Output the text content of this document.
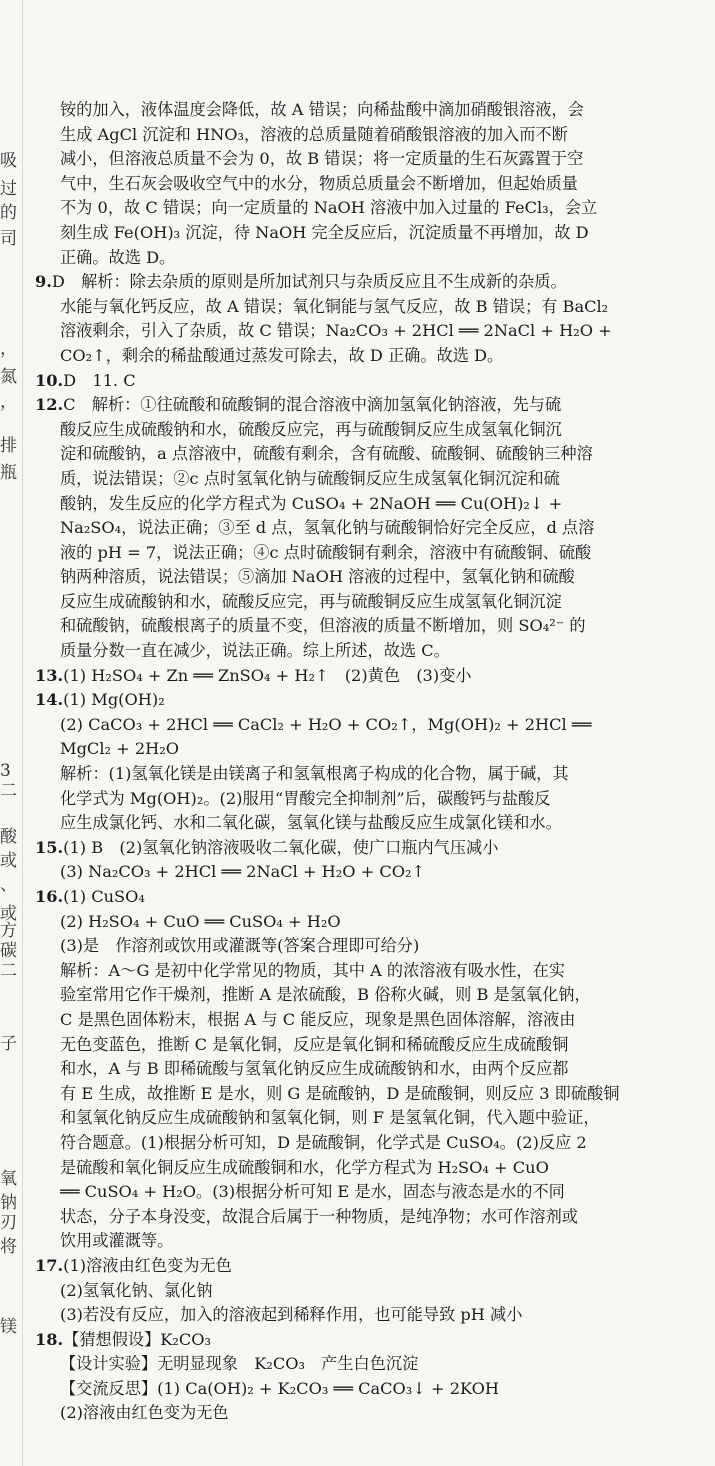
吸
过
的
司
，
氮
，
排
瓶
3
二
酸
或
、
或
方
碳
二
子
氧
钠
刃
将
镁
铵的加入，液体温度会降低，故 A 错误；向稀盐酸中滴加硝酸银溶液，会
生成 AgCl 沉淀和 HNO₃，溶液的总质量随着硝酸银溶液的加入而不断
减小，但溶液总质量不会为 0，故 B 错误；将一定质量的生石灰露置于空
气中，生石灰会吸收空气中的水分，物质总质量会不断增加，但起始质量
不为 0，故 C 错误；向一定质量的 NaOH 溶液中加入过量的 FeCl₃，会立
刻生成 Fe(OH)₃ 沉淀，待 NaOH 完全反应后，沉淀质量不再增加，故 D
正确。故选 D。
9.D　解析：除去杂质的原则是所加试剂只与杂质反应且不生成新的杂质。
水能与氧化钙反应，故 A 错误；氧化铜能与氢气反应，故 B 错误；有 BaCl₂
溶液剩余，引入了杂质，故 C 错误；Na₂CO₃ + 2HCl ══ 2NaCl + H₂O +
CO₂↑，剩余的稀盐酸通过蒸发可除去，故 D 正确。故选 D。
10.D　11. C
12.C　解析：①往硫酸和硫酸铜的混合溶液中滴加氢氧化钠溶液，先与硫
酸反应生成硫酸钠和水，硫酸反应完，再与硫酸铜反应生成氢氧化铜沉
淀和硫酸钠，a 点溶液中，硫酸有剩余，含有硫酸、硫酸铜、硫酸钠三种溶
质，说法错误；②c 点时氢氧化钠与硫酸铜反应生成氢氧化铜沉淀和硫
酸钠，发生反应的化学方程式为 CuSO₄ + 2NaOH ══ Cu(OH)₂↓ +
Na₂SO₄，说法正确；③至 d 点，氢氧化钠与硫酸铜恰好完全反应，d 点溶
液的 pH = 7，说法正确；④c 点时硫酸铜有剩余，溶液中有硫酸铜、硫酸
钠两种溶质，说法错误；⑤滴加 NaOH 溶液的过程中，氢氧化钠和硫酸
反应生成硫酸钠和水，硫酸反应完，再与硫酸铜反应生成氢氧化铜沉淀
和硫酸钠，硫酸根离子的质量不变，但溶液的质量不断增加，则 SO₄²⁻ 的
质量分数一直在减少，说法正确。综上所述，故选 C。
13.(1) H₂SO₄ + Zn ══ ZnSO₄ + H₂↑　(2)黄色　(3)变小
14.(1) Mg(OH)₂
(2) CaCO₃ + 2HCl ══ CaCl₂ + H₂O + CO₂↑，Mg(OH)₂ + 2HCl ══
MgCl₂ + 2H₂O
解析：(1)氢氧化镁是由镁离子和氢氧根离子构成的化合物，属于碱，其
化学式为 Mg(OH)₂。(2)服用“胃酸完全抑制剂”后，碳酸钙与盐酸反
应生成氯化钙、水和二氧化碳，氢氧化镁与盐酸反应生成氯化镁和水。
15.(1) B　(2)氢氧化钠溶液吸收二氧化碳，使广口瓶内气压减小
(3) Na₂CO₃ + 2HCl ══ 2NaCl + H₂O + CO₂↑
16.(1) CuSO₄
(2) H₂SO₄ + CuO ══ CuSO₄ + H₂O
(3)是　作溶剂或饮用或灌溉等(答案合理即可给分)
解析：A～G 是初中化学常见的物质，其中 A 的浓溶液有吸水性，在实
验室常用它作干燥剂，推断 A 是浓硫酸，B 俗称火碱，则 B 是氢氧化钠，
C 是黑色固体粉末，根据 A 与 C 能反应，现象是黑色固体溶解，溶液由
无色变蓝色，推断 C 是氧化铜，反应是氧化铜和稀硫酸反应生成硫酸铜
和水，A 与 B 即稀硫酸与氢氧化钠反应生成硫酸钠和水，由两个反应都
有 E 生成，故推断 E 是水，则 G 是硫酸钠，D 是硫酸铜，则反应 3 即硫酸铜
和氢氧化钠反应生成硫酸钠和氢氧化铜，则 F 是氢氧化铜，代入题中验证，
符合题意。(1)根据分析可知，D 是硫酸铜，化学式是 CuSO₄。(2)反应 2
是硫酸和氧化铜反应生成硫酸铜和水，化学方程式为 H₂SO₄ + CuO
══ CuSO₄ + H₂O。(3)根据分析可知 E 是水，固态与液态是水的不同
状态，分子本身没变，故混合后属于一种物质，是纯净物；水可作溶剂或
饮用或灌溉等。
17.(1)溶液由红色变为无色
(2)氢氧化钠、氯化钠
(3)若没有反应，加入的溶液起到稀释作用，也可能导致 pH 减小
18.【猜想假设】K₂CO₃
【设计实验】无明显现象　K₂CO₃　产生白色沉淀
【交流反思】(1) Ca(OH)₂ + K₂CO₃ ══ CaCO₃↓ + 2KOH
(2)溶液由红色变为无色
